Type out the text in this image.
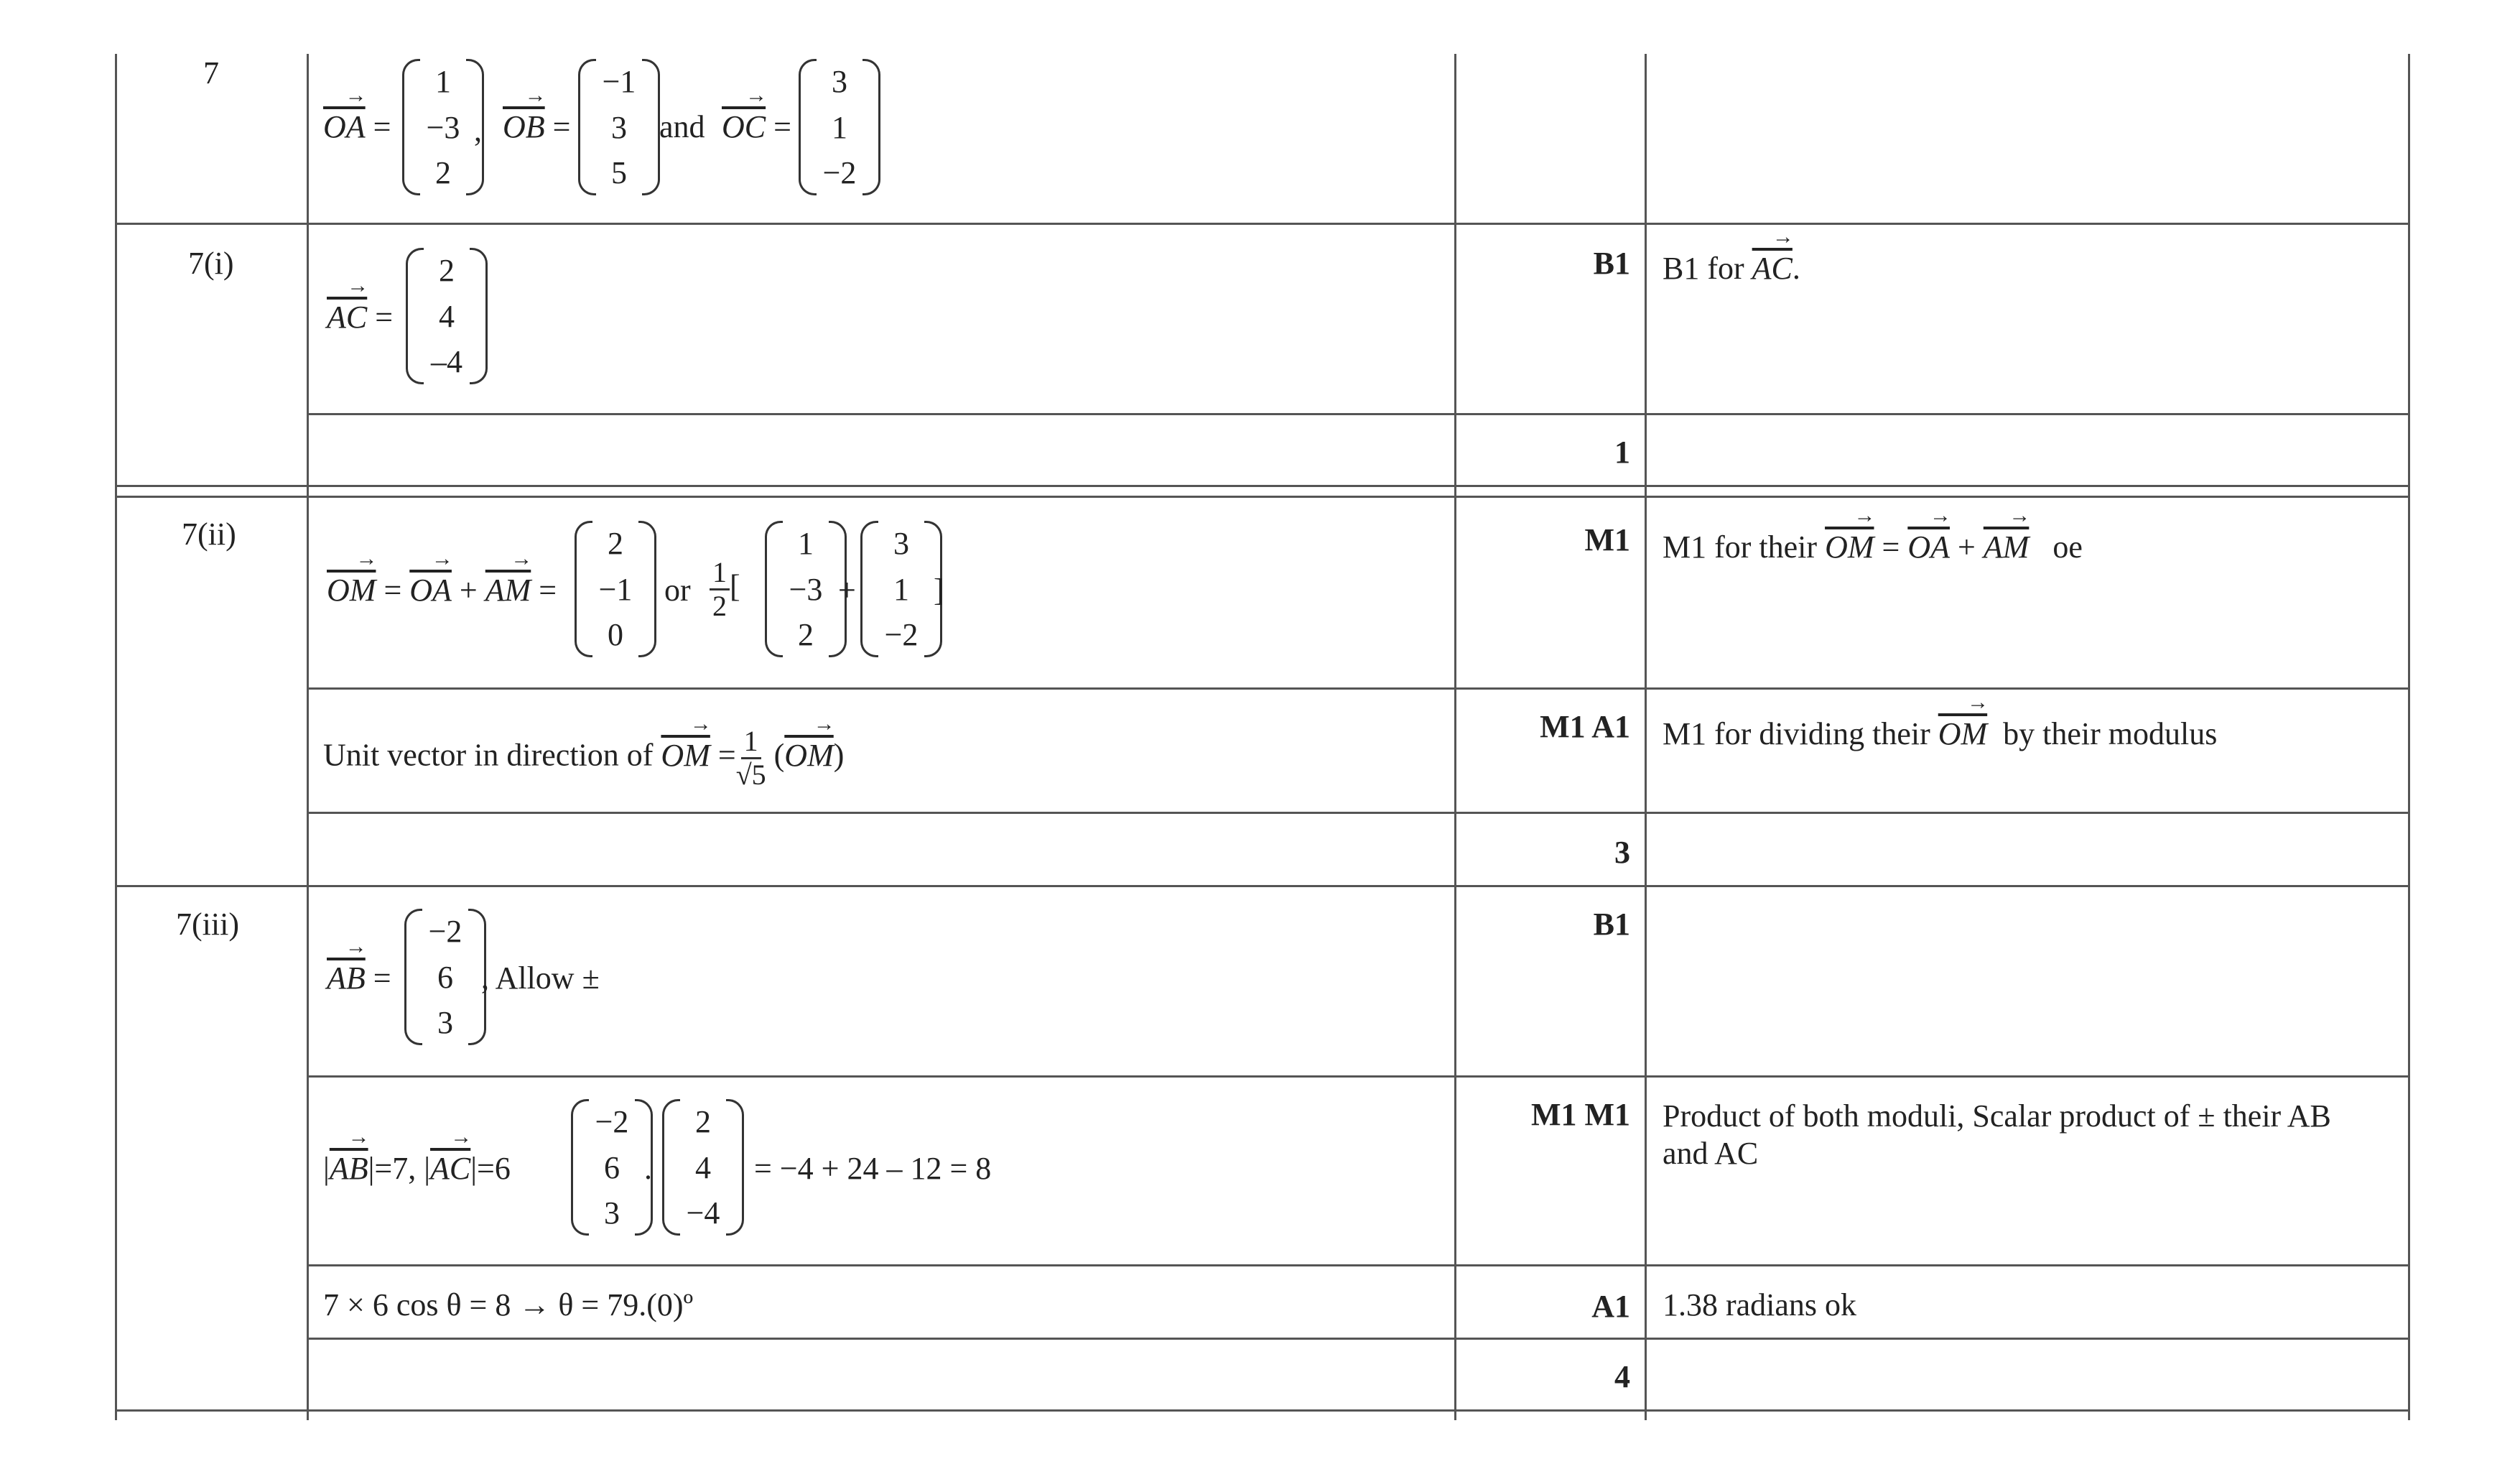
7
$\overline{OA}$ → =
1
−3
2
, $\overline{OB}$ → =
−1
3
5
and $\overline{OC}$ → =
3
1
−2
7(i)
$\overline{AC}$ → =
2
4
–4
B1 B1 for $\overline{AC}$ →.
1
7(ii)
$\overline{OM}$ → = $\overline{OA}$ → + $\overline{AM}$ → =
2
−1
0
or $\frac{1}{2}$ [
1
−3
2
+
3
1
−2
]
M1 M1 for their $\overline{OM}$ → = $\overline{OA}$ → + $\overline{AM}$ → oe
Unit vector in direction of $\overline{OM}$ → = $\frac{1}{√5} (\overline{OM}$ →)
M1 A1 M1 for dividing their $\overline{OM}$ → by their modulus
3
7(iii)
$\overline{AB}$ → =
−2
6
3
, Allow ±
B1
$|\overline{AB} \to|=7$, $|\overline{AC} \to|=6$
−2
6
3
.
2
4
−4
= −4 + 24 – 12 = 8
M1 M1 Product of both moduli, Scalar product of ± their AB
and AC
7 × 6 cos θ = 8 → θ = 79.(0)º	A1 1.38 radians ok
4
